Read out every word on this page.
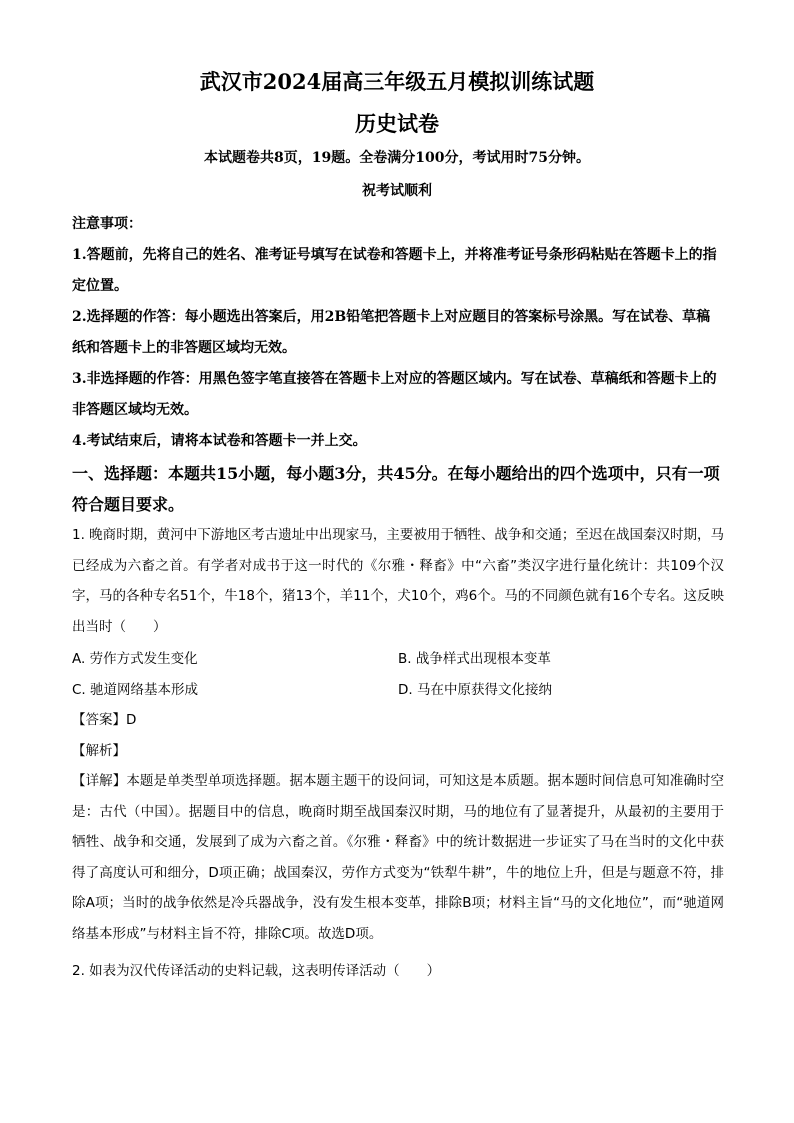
武汉市2024届高三年级五月模拟训练试题
历史试卷
本试题卷共8页，19题。全卷满分100分，考试用时75分钟。
祝考试顺利

注意事项：

1.答题前，先将自己的姓名、准考证号填写在试卷和答题卡上，并将准考证号条形码粘贴在答题卡上的指定位置。

2.选择题的作答：每小题选出答案后，用2B铅笔把答题卡上对应题目的答案标号涂黑。写在试卷、草稿纸和答题卡上的非答题区域均无效。

3.非选择题的作答：用黑色签字笔直接答在答题卡上对应的答题区域内。写在试卷、草稿纸和答题卡上的非答题区域均无效。

4.考试结束后，请将本试卷和答题卡一并上交。

一、选择题：本题共15小题，每小题3分，共45分。在每小题给出的四个选项中，只有一项符合题目要求。

1. 晚商时期，黄河中下游地区考古遗址中出现家马，主要被用于牺牲、战争和交通；至迟在战国秦汉时期，马已经成为六畜之首。有学者对成书于这一时代的《尔雅・释畜》中“六畜”类汉字进行量化统计：共109个汉字，马的各种专名51个，牛18个，猪13个，羊11个，犬10个，鸡6个。马的不同颜色就有16个专名。这反映出当时（　　）

A. 劳作方式发生变化	B. 战争样式出现根本变革
C. 驰道网络基本形成	D. 马在中原获得文化接纳

【答案】D

【解析】

【详解】本题是单类型单项选择题。据本题主题干的设问词，可知这是本质题。据本题时间信息可知准确时空是：古代（中国）。据题目中的信息，晚商时期至战国秦汉时期，马的地位有了显著提升，从最初的主要用于牺牲、战争和交通，发展到了成为六畜之首。《尔雅・释畜》中的统计数据进一步证实了马在当时的文化中获得了高度认可和细分，D项正确；战国秦汉，劳作方式变为“铁犁牛耕”，牛的地位上升，但是与题意不符，排除A项；当时的战争依然是冷兵器战争，没有发生根本变革，排除B项；材料主旨“马的文化地位”，而“驰道网络基本形成”与材料主旨不符，排除C项。故选D项。

2. 如表为汉代传译活动的史料记载，这表明传译活动（　　）
